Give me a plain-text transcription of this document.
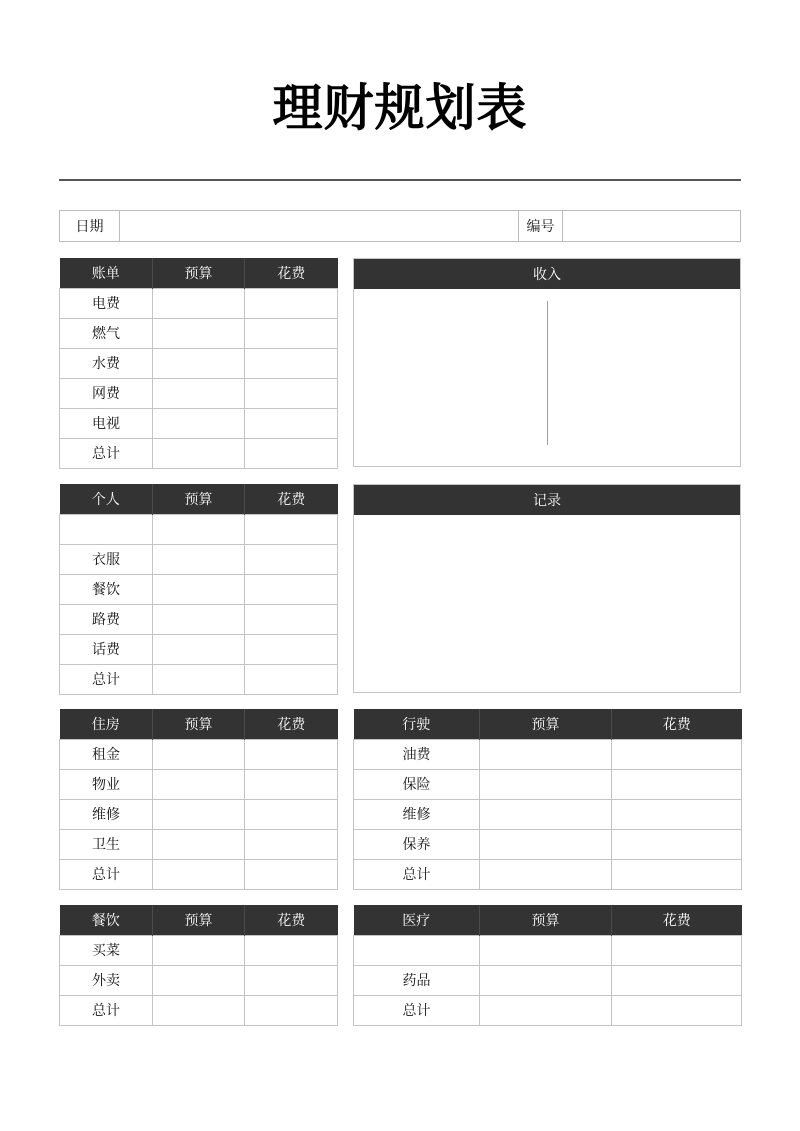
理财规划表
日期	编号
账单	预算	花费
电费		
燃气		
水费		
网费		
电视		
总计		
收入
个人	预算	花费

衣服		
餐饮		
路费		
话费		
总计		
记录
住房	预算	花费
租金		
物业		
维修		
卫生		
总计		
行驶	预算	花费
油费		
保险		
维修		
保养		
总计		
餐饮	预算	花费
买菜		
外卖		
总计		
医疗	预算	花费

药品		
总计		
